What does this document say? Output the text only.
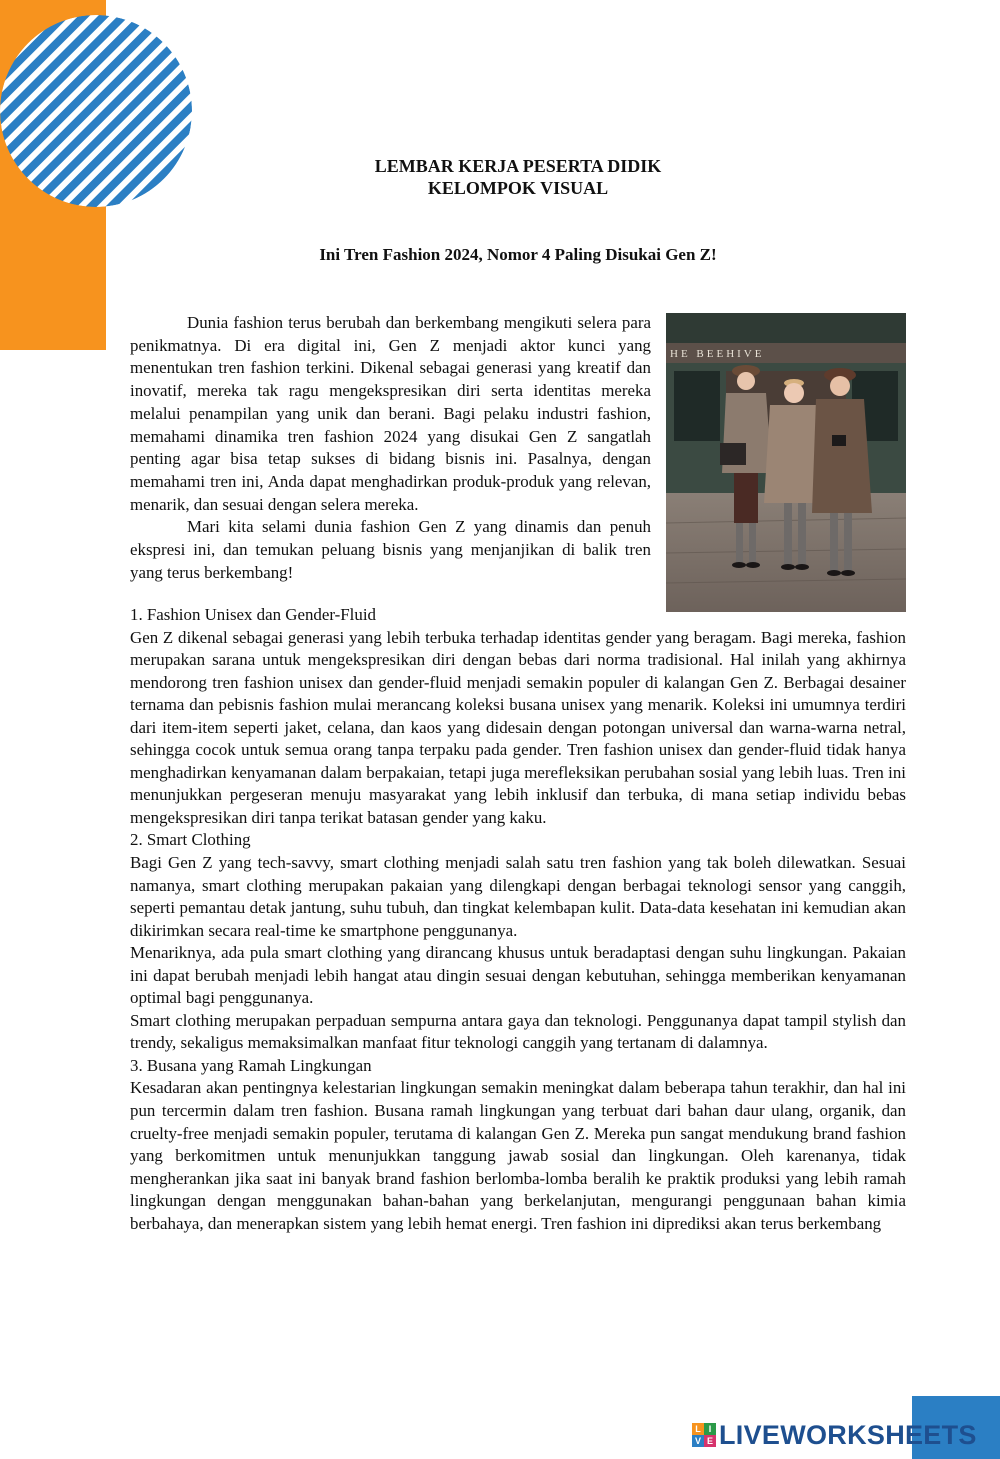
LEMBAR KERJA PESERTA DIDIK
KELOMPOK VISUAL
Ini Tren Fashion 2024, Nomor 4 Paling Disukai Gen Z!

Dunia fashion terus berubah dan berkembang mengikuti selera para penikmatnya. Di era digital ini, Gen Z menjadi aktor kunci yang menentukan tren fashion terkini. Dikenal sebagai generasi yang kreatif dan inovatif, mereka tak ragu mengekspresikan diri serta identitas mereka melalui penampilan yang unik dan berani. Bagi pelaku industri fashion, memahami dinamika tren fashion 2024 yang disukai Gen Z sangatlah penting agar bisa tetap sukses di bidang bisnis ini. Pasalnya, dengan memahami tren ini, Anda dapat menghadirkan produk-produk yang relevan, menarik, dan sesuai dengan selera mereka.

Mari kita selami dunia fashion Gen Z yang dinamis dan penuh ekspresi ini, dan temukan peluang bisnis yang menjanjikan di balik tren yang terus berkembang!

HE BEEHIVE

1. Fashion Unisex dan Gender-Fluid

Gen Z dikenal sebagai generasi yang lebih terbuka terhadap identitas gender yang beragam. Bagi mereka, fashion merupakan sarana untuk mengekspresikan diri dengan bebas dari norma tradisional. Hal inilah yang akhirnya mendorong tren fashion unisex dan gender-fluid menjadi semakin populer di kalangan Gen Z. Berbagai desainer ternama dan pebisnis fashion mulai merancang koleksi busana unisex yang menarik. Koleksi ini umumnya terdiri dari item-item seperti jaket, celana, dan kaos yang didesain dengan potongan universal dan warna-warna netral, sehingga cocok untuk semua orang tanpa terpaku pada gender. Tren fashion unisex dan gender-fluid tidak hanya menghadirkan kenyamanan dalam berpakaian, tetapi juga merefleksikan perubahan sosial yang lebih luas. Tren ini menunjukkan pergeseran menuju masyarakat yang lebih inklusif dan terbuka, di mana setiap individu bebas mengekspresikan diri tanpa terikat batasan gender yang kaku.

2. Smart Clothing

Bagi Gen Z yang tech-savvy, smart clothing menjadi salah satu tren fashion yang tak boleh dilewatkan. Sesuai namanya, smart clothing merupakan pakaian yang dilengkapi dengan berbagai teknologi sensor yang canggih, seperti pemantau detak jantung, suhu tubuh, dan tingkat kelembapan kulit. Data-data kesehatan ini kemudian akan dikirimkan secara real-time ke smartphone penggunanya.

Menariknya, ada pula smart clothing yang dirancang khusus untuk beradaptasi dengan suhu lingkungan. Pakaian ini dapat berubah menjadi lebih hangat atau dingin sesuai dengan kebutuhan, sehingga memberikan kenyamanan optimal bagi penggunanya.

Smart clothing merupakan perpaduan sempurna antara gaya dan teknologi. Penggunanya dapat tampil stylish dan trendy, sekaligus memaksimalkan manfaat fitur teknologi canggih yang tertanam di dalamnya.

3. Busana yang Ramah Lingkungan

Kesadaran akan pentingnya kelestarian lingkungan semakin meningkat dalam beberapa tahun terakhir, dan hal ini pun tercermin dalam tren fashion. Busana ramah lingkungan yang terbuat dari bahan daur ulang, organik, dan cruelty-free menjadi semakin populer, terutama di kalangan Gen Z. Mereka pun sangat mendukung brand fashion yang berkomitmen untuk menunjukkan tanggung jawab sosial dan lingkungan. Oleh karenanya, tidak mengherankan jika saat ini banyak brand fashion berlomba-lomba beralih ke praktik produksi yang lebih ramah lingkungan dengan menggunakan bahan-bahan yang berkelanjutan, mengurangi penggunaan bahan kimia berbahaya, dan menerapkan sistem yang lebih hemat energi. Tren fashion ini diprediksi akan terus berkembang

L I
V E LIVEWORKSHEETS
